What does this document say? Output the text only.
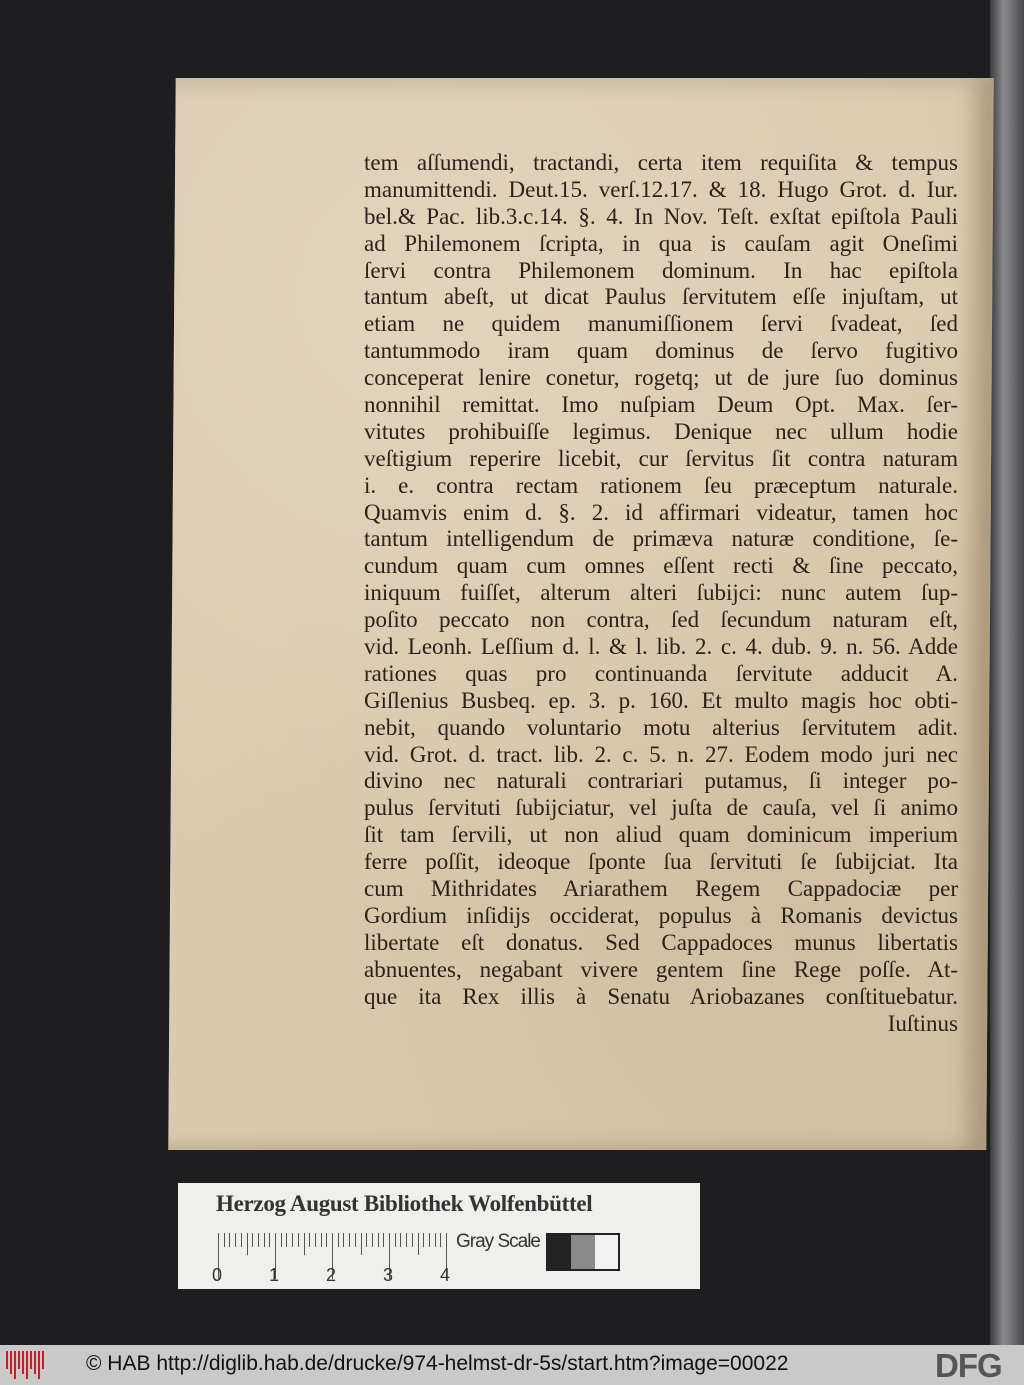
tem aſſumendi, tractandi, certa item requiſita & tempus
manumittendi. Deut.15. verſ.12.17. & 18. Hugo Grot. d. Iur.
bel.& Pac. lib.3.c.14. §. 4. In Nov. Teſt. exſtat epiſtola Pauli
ad Philemonem ſcripta, in qua is cauſam agit Oneſimi
ſervi contra Philemonem dominum. In hac epiſtola
tantum abeſt, ut dicat Paulus ſervitutem eſſe injuſtam, ut
etiam ne quidem manumiſſionem ſervi ſvadeat, ſed
tantummodo iram quam dominus de ſervo fugitivo
conceperat lenire conetur, rogetq; ut de jure ſuo dominus
nonnihil remittat. Imo nuſpiam Deum Opt. Max. ſer-
vitutes prohibuiſſe legimus. Denique nec ullum hodie
veſtigium reperire licebit, cur ſervitus ſit contra naturam
i. e. contra rectam rationem ſeu præceptum naturale.
Quamvis enim d. §. 2. id affirmari videatur, tamen hoc
tantum intelligendum de primæva naturæ conditione, ſe-
cundum quam cum omnes eſſent recti & ſine peccato,
iniquum fuiſſet, alterum alteri ſubijci: nunc autem ſup-
poſito peccato non contra, ſed ſecundum naturam eſt,
vid. Leonh. Leſſium d. l. & l. lib. 2. c. 4. dub. 9. n. 56. Adde
rationes quas pro continuanda ſervitute adducit A.
Giſlenius Busbeq. ep. 3. p. 160. Et multo magis hoc obti-
nebit, quando voluntario motu alterius ſervitutem adit.
vid. Grot. d. tract. lib. 2. c. 5. n. 27. Eodem modo juri nec
divino nec naturali contrariari putamus, ſi integer po-
pulus ſervituti ſubijciatur, vel juſta de cauſa, vel ſi animo
ſit tam ſervili, ut non aliud quam dominicum imperium
ferre poſſit, ideoque ſponte ſua ſervituti ſe ſubijciat. Ita
cum Mithridates Ariarathem Regem Cappadociæ per
Gordium inſidijs occiderat, populus à Romanis devictus
libertate eſt donatus. Sed Cappadoces munus libertatis
abnuentes, negabant vivere gentem ſine Rege poſſe. At-
que ita Rex illis à Senatu Ariobazanes conſtituebatur.
Iuſtinus
Herzog August Bibliothek Wolfenbüttel
0	1	2	3	4
Gray Scale
© HAB http://diglib.hab.de/drucke/974-helmst-dr-5s/start.htm?image=00022	DFG
